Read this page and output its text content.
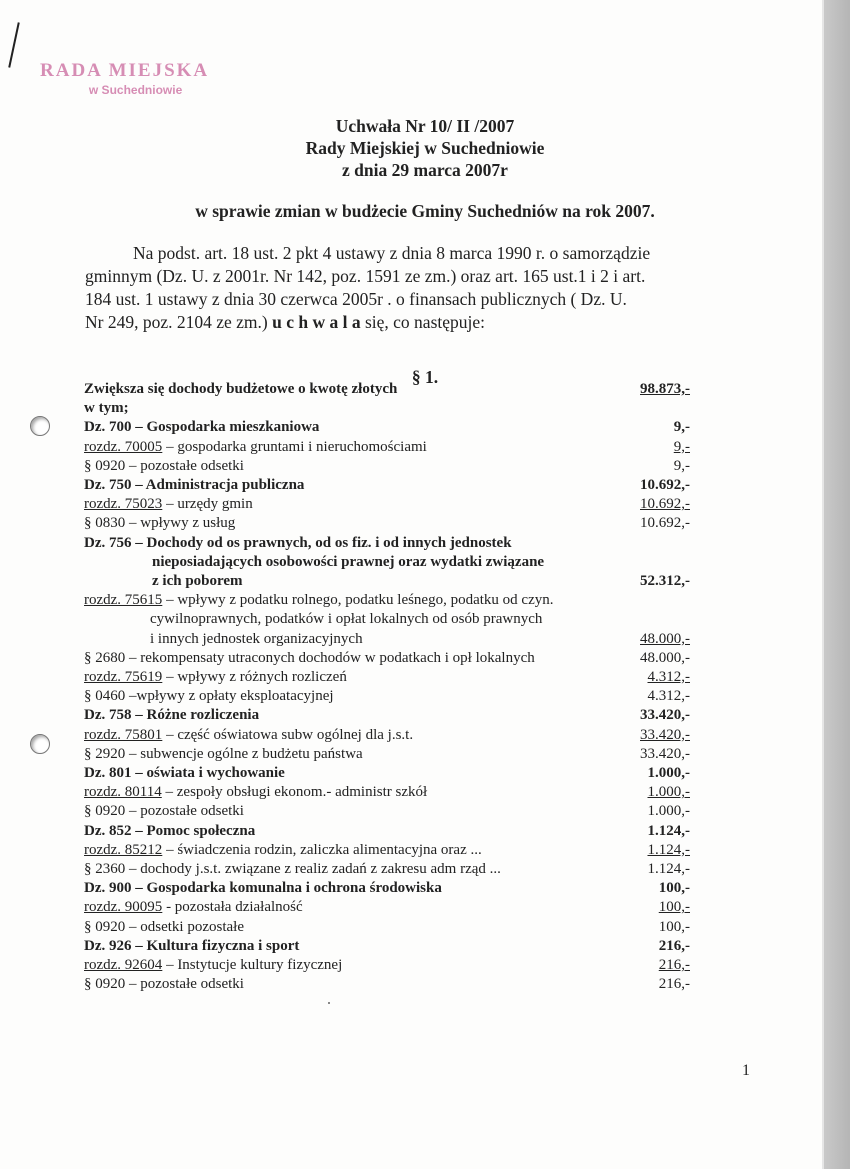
RADA MIEJSKA
w Suchedniowie
Uchwała Nr 10/ II /2007
Rady Miejskiej w Suchedniowie
z dnia 29 marca 2007r
w sprawie zmian w budżecie Gminy Suchedniów na rok 2007.
Na podst. art. 18 ust. 2 pkt 4 ustawy z dnia 8 marca 1990 r. o samorządzie
gminnym (Dz. U. z 2001r. Nr 142, poz. 1591 ze zm.) oraz art. 165 ust.1 i 2 i art.
184 ust. 1 ustawy z dnia 30 czerwca 2005r . o finansach publicznych ( Dz. U.
Nr 249, poz. 2104 ze zm.) u c h w a l a się, co następuje:
§ 1.
Zwiększa się dochody budżetowe o kwotę złotych	98.873,-
w tym;
Dz. 700 – Gospodarka mieszkaniowa	9,-
rozdz. 70005 – gospodarka gruntami i nieruchomościami	9,-
§ 0920 – pozostałe odsetki	9,-
Dz. 750 – Administracja publiczna	10.692,-
rozdz. 75023 – urzędy gmin	10.692,-
§ 0830 – wpływy z usług	10.692,-
Dz. 756 – Dochody od os prawnych, od os fiz. i od innych jednostek
nieposiadających osobowości prawnej oraz wydatki związane
z ich poborem	52.312,-
rozdz. 75615 – wpływy z podatku rolnego, podatku leśnego, podatku od czyn.
cywilnoprawnych, podatków i opłat lokalnych od osób prawnych
i innych jednostek organizacyjnych	48.000,-
§ 2680 – rekompensaty utraconych dochodów w podatkach i opł lokalnych	48.000,-
rozdz. 75619 – wpływy z różnych rozliczeń	4.312,-
§ 0460 –wpływy z opłaty eksploatacyjnej	4.312,-
Dz. 758 – Różne rozliczenia	33.420,-
rozdz. 75801 – część oświatowa subw ogólnej dla j.s.t.	33.420,-
§ 2920 – subwencje ogólne z budżetu państwa	33.420,-
Dz. 801 – oświata i wychowanie	1.000,-
rozdz. 80114 – zespoły obsługi ekonom.- administr szkół	1.000,-
§ 0920 – pozostałe odsetki	1.000,-
Dz. 852 – Pomoc społeczna	1.124,-
rozdz. 85212 – świadczenia rodzin, zaliczka alimentacyjna oraz ...	1.124,-
§ 2360 – dochody j.s.t. związane z realiz zadań z zakresu adm rząd ...	1.124,-
Dz. 900 – Gospodarka komunalna i ochrona środowiska	100,-
rozdz. 90095 - pozostała działalność	100,-
§ 0920 – odsetki pozostałe	100,-
Dz. 926 – Kultura fizyczna i sport	216,-
rozdz. 92604 – Instytucje kultury fizycznej	216,-
§ 0920 – pozostałe odsetki	216,-
1
